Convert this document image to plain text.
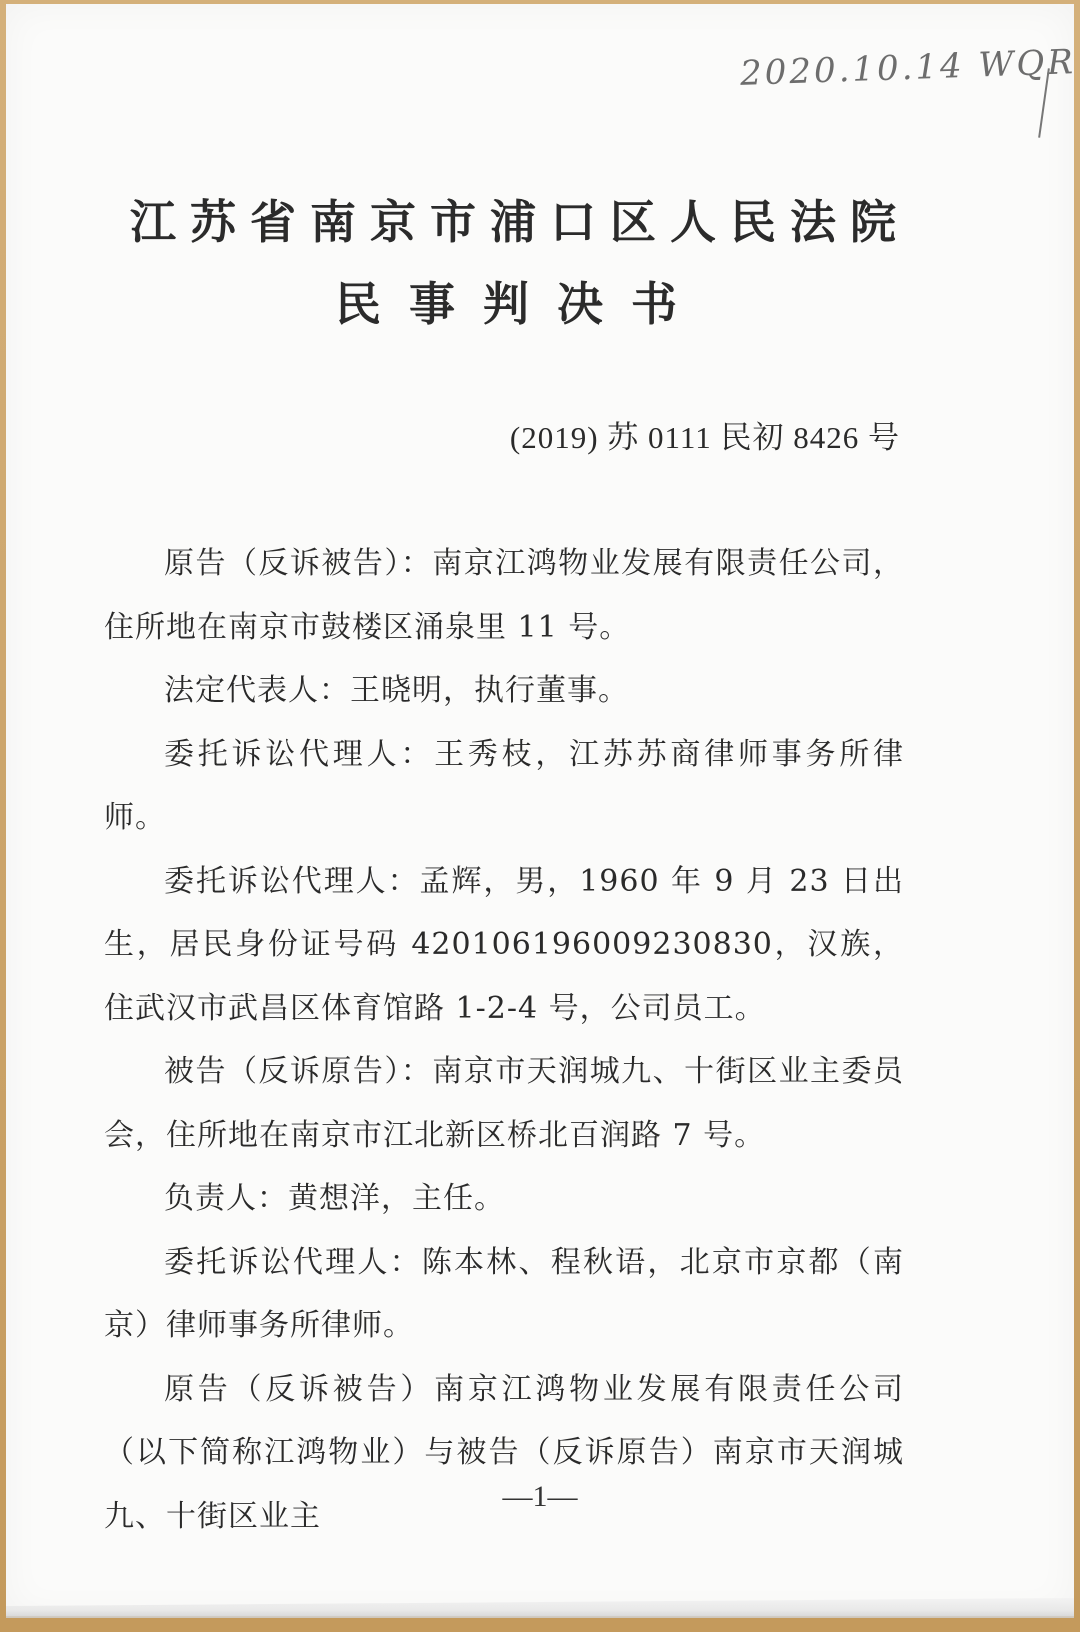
2020.10.14 WQR
江苏省南京市浦口区人民法院
民事判决书
(2019) 苏 0111 民初 8426 号

原告（反诉被告）：南京江鸿物业发展有限责任公司，住所地在南京市鼓楼区涌泉里 11 号。

法定代表人：王晓明，执行董事。

委托诉讼代理人：王秀枝，江苏苏商律师事务所律师。

委托诉讼代理人：孟辉，男，1960 年 9 月 23 日出生，居民身份证号码 420106196009230830，汉族，住武汉市武昌区体育馆路 1-2-4 号，公司员工。

被告（反诉原告）：南京市天润城九、十街区业主委员会，住所地在南京市江北新区桥北百润路 7 号。

负责人：黄想洋，主任。

委托诉讼代理人：陈本林、程秋语，北京市京都（南京）律师事务所律师。

原告（反诉被告）南京江鸿物业发展有限责任公司（以下简称江鸿物业）与被告（反诉原告）南京市天润城九、十街区业主

—1—
